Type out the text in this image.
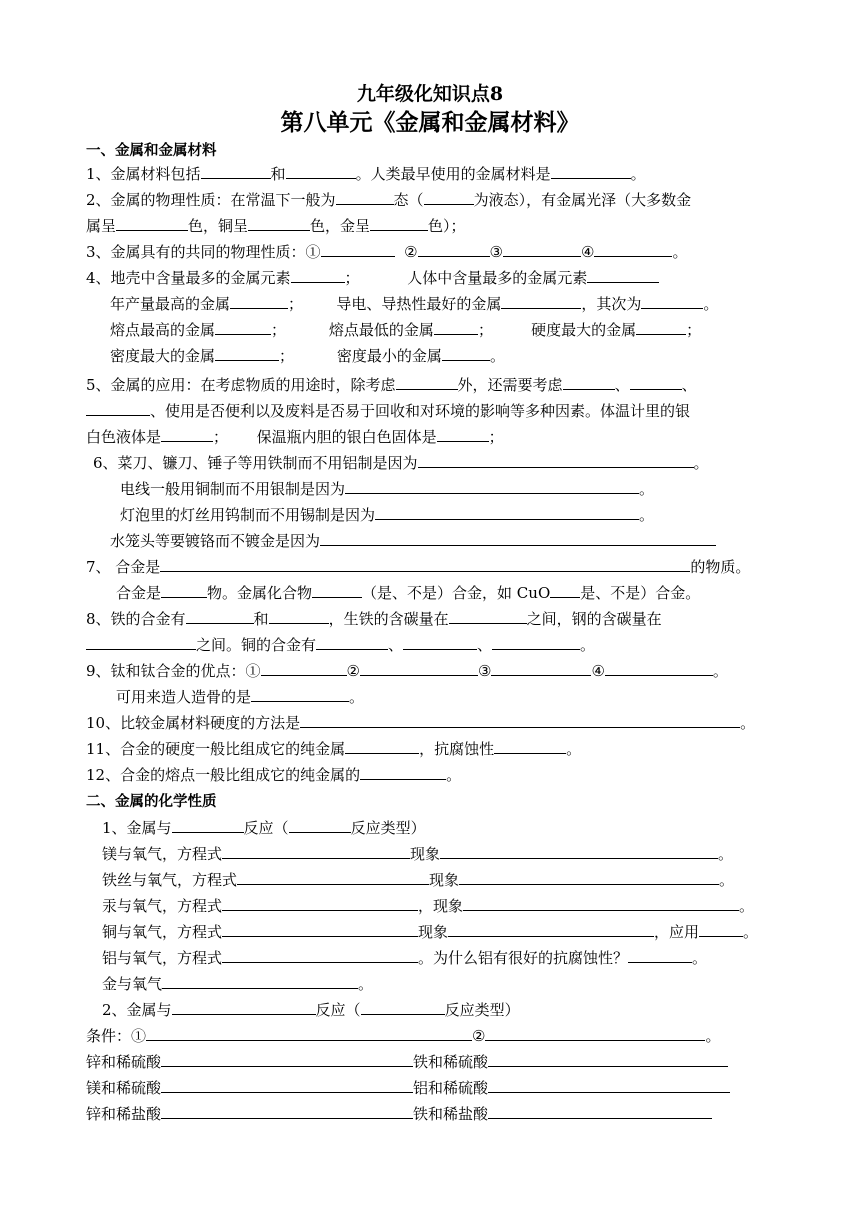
九年级化知识点8
第八单元《金属和金属材料》
一、金属和金属材料
1、金属材料包括	和	。人类最早使用的金属材料是	。
2、金属的物理性质：在常温下一般为	态（	为液态），有金属光泽（大多数金
属呈	色，铜呈	色，金呈	色）；
3、金属具有的共同的物理性质：①	②	③	④	。
4、地壳中含量最多的金属元素	；          人体中含量最多的金属元素
年产量最高的金属	；       导电、导热性最好的金属	，其次为	。
熔点最高的金属	；         熔点最低的金属	；        硬度最大的金属	；
密度最大的金属	；         密度最小的金属	。
5、金属的应用：在考虑物质的用途时，除考虑	外，还需要考虑	、	、
、使用是否便利以及废料是否易于回收和对环境的影响等多种因素。体温计里的银
白色液体是	；      保温瓶内胆的银白色固体是	；
6、菜刀、镰刀、锤子等用铁制而不用铝制是因为	。
电线一般用铜制而不用银制是因为	。
灯泡里的灯丝用钨制而不用锡制是因为	。
水笼头等要镀铬而不镀金是因为
7、 合金是	的物质。
合金是	物。金属化合物	（是、不是）合金，如 CuO 是、不是）合金。
8、铁的合金有	和	，生铁的含碳量在	之间，钢的含碳量在
之间。铜的合金有	、	、	。
9、钛和钛合金的优点：①	②	③	④	。
可用来造人造骨的是	。
10、比较金属材料硬度的方法是	。
11、合金的硬度一般比组成它的纯金属	，抗腐蚀性	。
12、合金的熔点一般比组成它的纯金属的	。
二、金属的化学性质
1、金属与	反应（	反应类型）
镁与氧气，方程式	现象	。
铁丝与氧气，方程式	现象	。
汞与氧气，方程式	，现象	。
铜与氧气，方程式	现象	，应用	。
铝与氧气，方程式	。为什么铝有很好的抗腐蚀性？	。
金与氧气	。
2、金属与	反应（	反应类型）
条件：①	②	。
锌和稀硫酸	铁和稀硫酸
镁和稀硫酸	铝和稀硫酸
锌和稀盐酸	铁和稀盐酸
